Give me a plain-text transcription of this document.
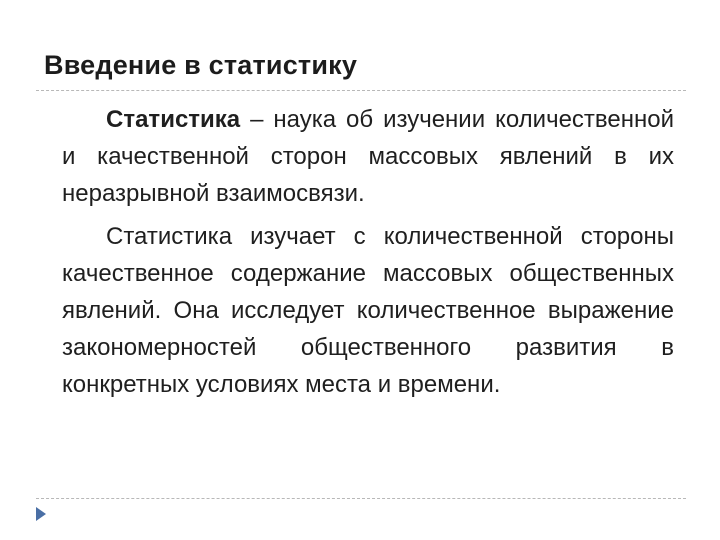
Введение в статистику

Статистика – наука об изучении количественной и качественной сторон массовых явлений в их неразрывной взаимосвязи.

Статистика изучает с количественной стороны качественное содержание массовых общественных явлений. Она исследует количественное выражение закономерностей общественного развития в конкретных условиях места и времени.
